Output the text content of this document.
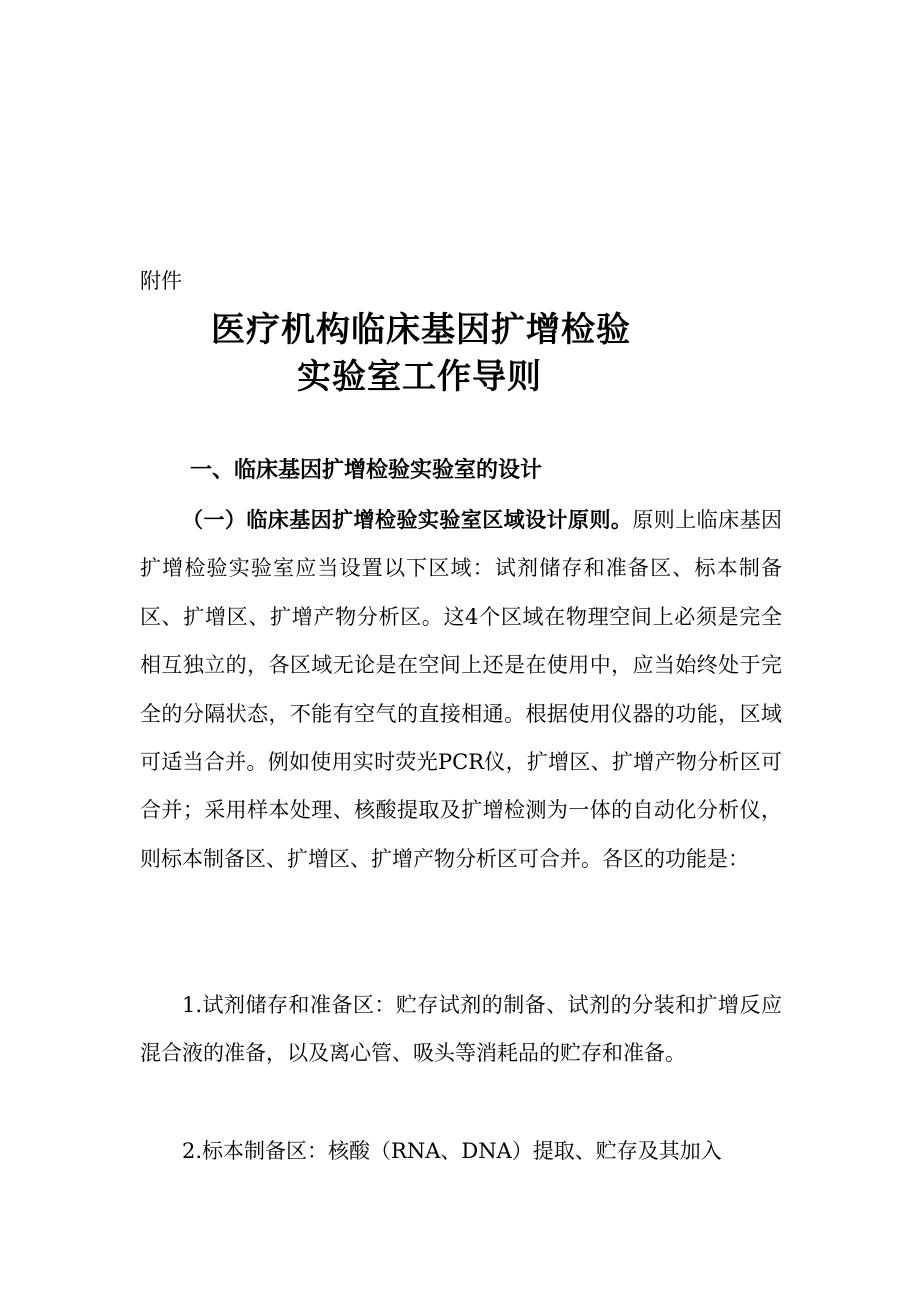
附件

医疗机构临床基因扩增检验
实验室工作导则
一、临床基因扩增检验实验室的设计

（一）临床基因扩增检验实验室区域设计原则。原则上临床基因扩增检验实验室应当设置以下区域：试剂储存和准备区、标本制备区、扩增区、扩增产物分析区。这4个区域在物理空间上必须是完全相互独立的，各区域无论是在空间上还是在使用中，应当始终处于完全的分隔状态，不能有空气的直接相通。根据使用仪器的功能，区域可适当合并。例如使用实时荧光PCR仪，扩增区、扩增产物分析区可合并；采用样本处理、核酸提取及扩增检测为一体的自动化分析仪，则标本制备区、扩增区、扩增产物分析区可合并。各区的功能是：

1.试剂储存和准备区：贮存试剂的制备、试剂的分装和扩增反应混合液的准备，以及离心管、吸头等消耗品的贮存和准备。

2.标本制备区：核酸（RNA、DNA）提取、贮存及其加入
